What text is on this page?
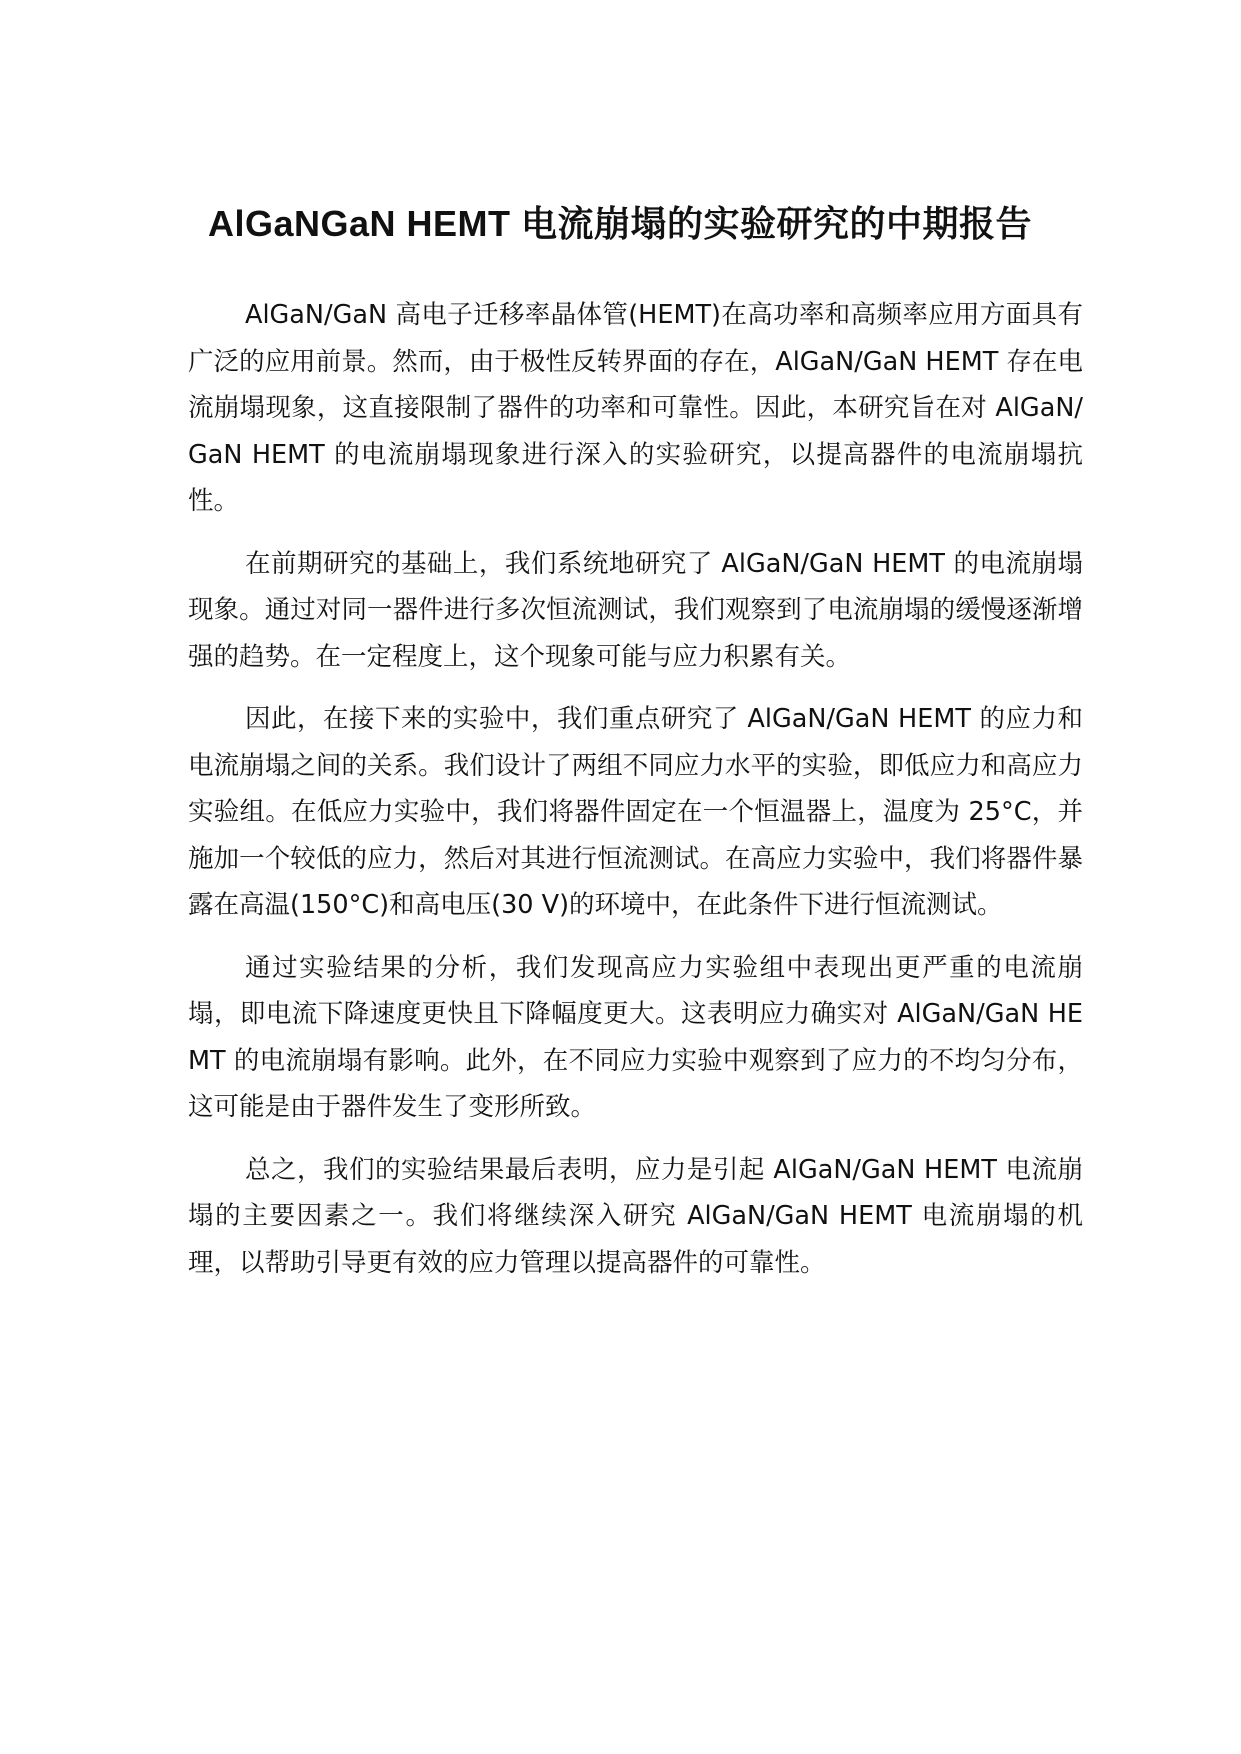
AlGaNGaN HEMT 电流崩塌的实验研究的中期报告

AlGaN/GaN 高电子迁移率晶体管(HEMT)在高功率和高频率应用方面具有广泛的应用前景。然而，由于极性反转界面的存在，AlGaN/GaN HEMT 存在电流崩塌现象，这直接限制了器件的功率和可靠性。因此，本研究旨在对 AlGaN/GaN HEMT 的电流崩塌现象进行深入的实验研究，以提高器件的电流崩塌抗性。

在前期研究的基础上，我们系统地研究了 AlGaN/GaN HEMT 的电流崩塌现象。通过对同一器件进行多次恒流测试，我们观察到了电流崩塌的缓慢逐渐增强的趋势。在一定程度上，这个现象可能与应力积累有关。

因此，在接下来的实验中，我们重点研究了 AlGaN/GaN HEMT 的应力和电流崩塌之间的关系。我们设计了两组不同应力水平的实验，即低应力和高应力实验组。在低应力实验中，我们将器件固定在一个恒温器上，温度为 25°C，并施加一个较低的应力，然后对其进行恒流测试。在高应力实验中，我们将器件暴露在高温(150°C)和高电压(30 V)的环境中，在此条件下进行恒流测试。

通过实验结果的分析，我们发现高应力实验组中表现出更严重的电流崩塌，即电流下降速度更快且下降幅度更大。这表明应力确实对 AlGaN/GaN HEMT 的电流崩塌有影响。此外，在不同应力实验中观察到了应力的不均匀分布，这可能是由于器件发生了变形所致。

总之，我们的实验结果最后表明，应力是引起 AlGaN/GaN HEMT 电流崩塌的主要因素之一。我们将继续深入研究 AlGaN/GaN HEMT 电流崩塌的机理，以帮助引导更有效的应力管理以提高器件的可靠性。
